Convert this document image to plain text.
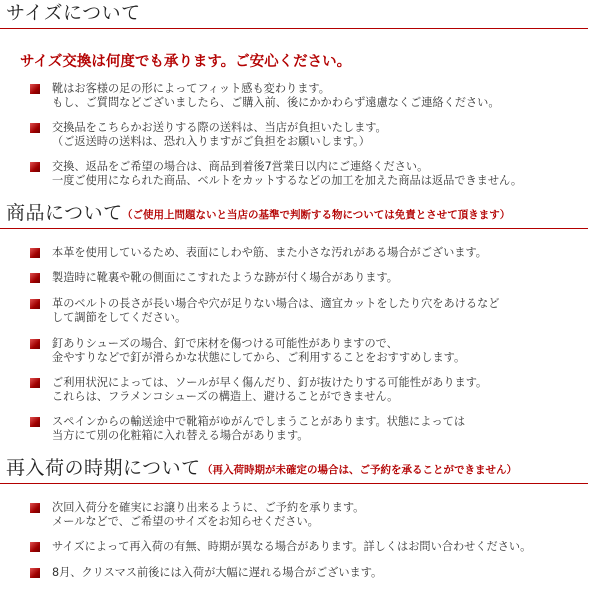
サイズについて
サイズ交換は何度でも承ります。ご安心ください。
靴はお客様の足の形によってフィット感も変わります。
もし、ご質問などございましたら、ご購入前、後にかかわらず遠慮なくご連絡ください。
交換品をこちらかお送りする際の送料は、当店が負担いたします。
（ご返送時の送料は、恐れ入りますがご負担をお願いします。）
交換、返品をご希望の場合は、商品到着後7営業日以内にご連絡ください。
一度ご使用になられた商品、ベルトをカットするなどの加工を加えた商品は返品できません。
商品について （ご使用上問題ないと当店の基準で判断する物については免責とさせて頂きます）
本革を使用しているため、表面にしわや筋、また小さな汚れがある場合がございます。
製造時に靴裏や靴の側面にこすれたような跡が付く場合があります。
革のベルトの長さが長い場合や穴が足りない場合は、適宜カットをしたり穴をあけるなど
して調節をしてください。
釘ありシューズの場合、釘で床材を傷つける可能性がありますので、
金やすりなどで釘が滑らかな状態にしてから、ご利用することをおすすめします。
ご利用状況によっては、ソールが早く傷んだり、釘が抜けたりする可能性があります。
これらは、フラメンコシューズの構造上、避けることができません。
スペインからの輸送途中で靴箱がゆがんでしまうことがあります。状態によっては
当方にて別の化粧箱に入れ替える場合があります。
再入荷の時期について （再入荷時期が未確定の場合は、ご予約を承ることができません）
次回入荷分を確実にお譲り出来るように、ご予約を承ります。
メールなどで、ご希望のサイズをお知らせください。
サイズによって再入荷の有無、時期が異なる場合があります。詳しくはお問い合わせください。
8月、クリスマス前後には入荷が大幅に遅れる場合がございます。
